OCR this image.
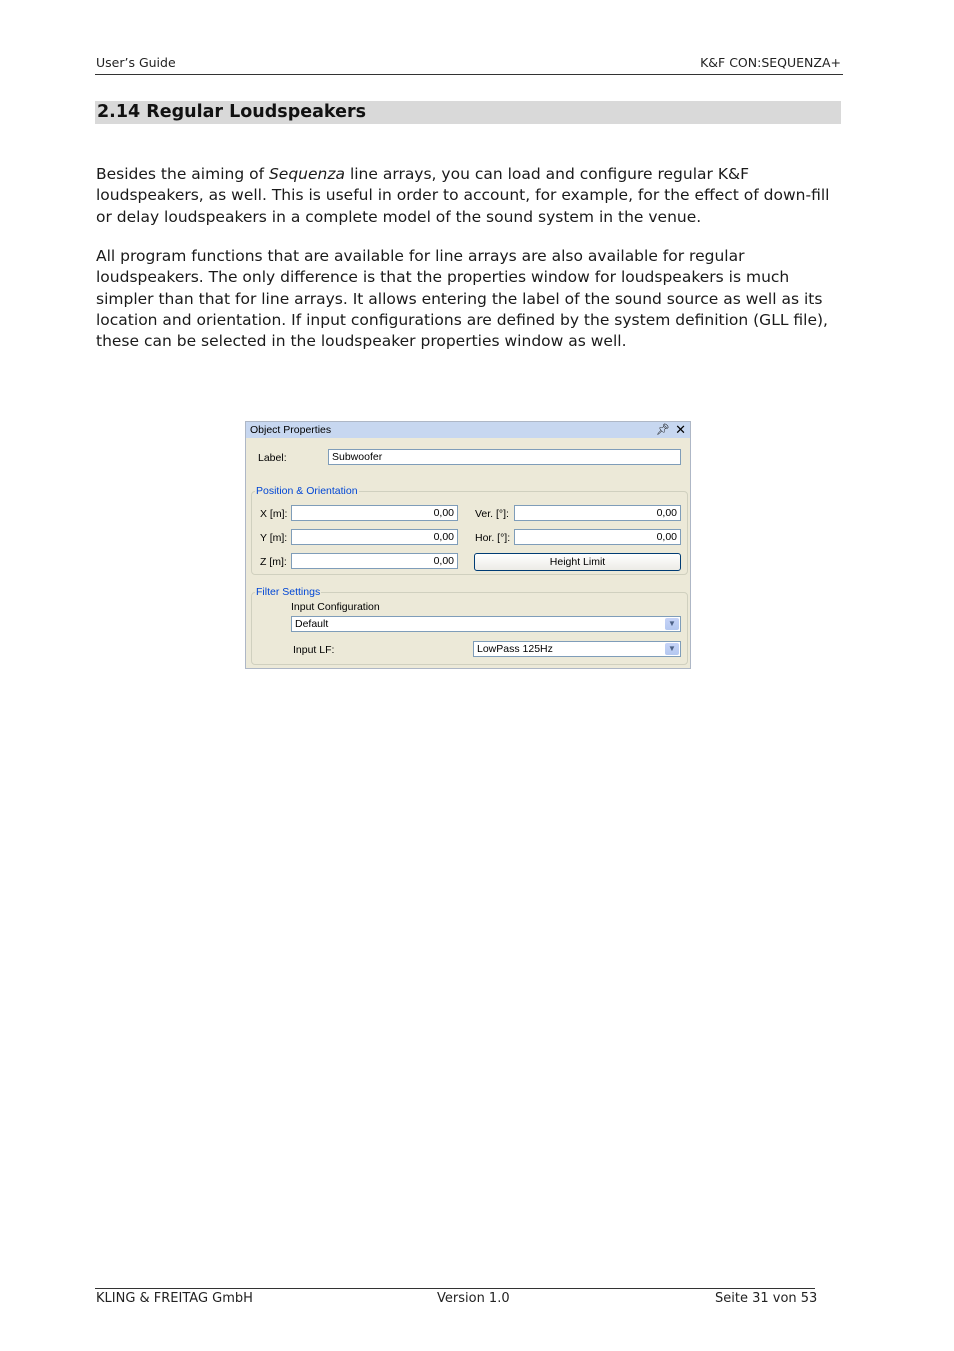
User’s Guide	K&F CON:SEQUENZA+
2.14 Regular Loudspeakers
Besides the aiming of Sequenza line arrays, you can load and configure regular K&F loudspeakers, as well. This is useful in order to account, for example, for the effect of down-fill or delay loudspeakers in a complete model of the sound system in the venue.
All program functions that are available for line arrays are also available for regular loudspeakers. The only difference is that the properties window for loudspeakers is much simpler than that for line arrays. It allows entering the label of the sound source as well as its location and orientation. If input configurations are defined by the system definition (GLL file), these can be selected in the loudspeaker properties window as well.
Object Properties	📌︎ ✕
Label:	Subwoofer
Position & Orientation
X [m]:	0,00
Y [m]:	0,00
Z [m]:	0,00
Ver. [°]:	0,00
Hor. [°]:	0,00
Height Limit
Filter Settings
Input Configuration
Default	▼
Input LF:	LowPass 125Hz	▼
KLING & FREITAG GmbH	Version 1.0	Seite 31 von 53
